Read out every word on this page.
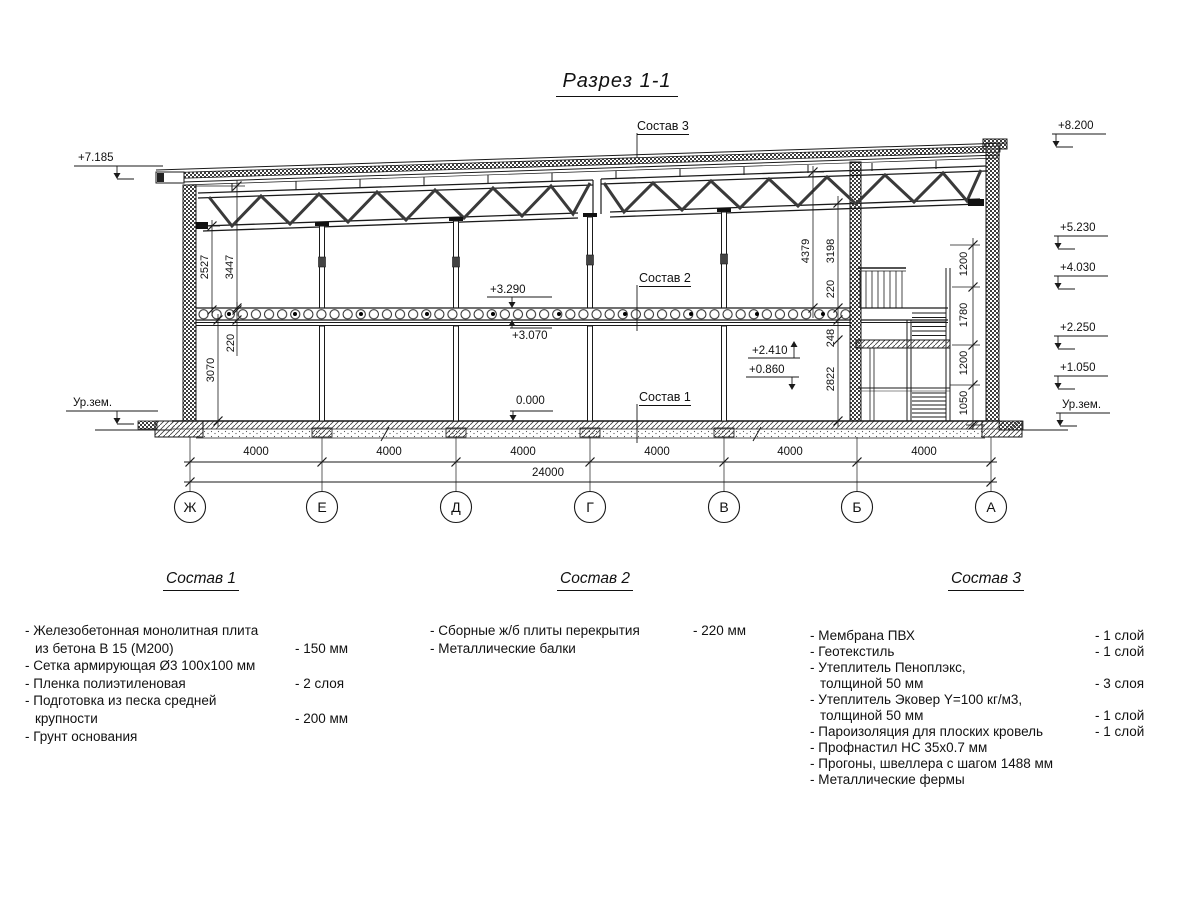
Разрез 1-1
Состав 3
Состав 2
Состав 1
+7.185
Ур.зем.
+8.200
+5.230
+4.030
+2.250
+1.050
Ур.зем.
+3.290
+3.070
0.000
+2.410
+0.860
2527 3447
3070
220
4379 3198
220
248
2822
1200
1780
1200
1050
4000	4000	4000	4000	4000	4000
24000
Ж	Е	Д	Г	В	Б	А
Состав 1
- Железобетонная монолитная плита
из бетона В 15 (М200)	- 150 мм
- Сетка армирующая Ø3 100х100 мм
- Пленка полиэтиленовая	- 2 слоя
- Подготовка из песка средней
крупности	- 200 мм
- Грунт основания
Состав 2
- Сборные ж/б плиты перекрытия	- 220 мм
- Металлические балки
Состав 3
- Мембрана ПВХ	- 1 слой
- Геотекстиль	- 1 слой
- Утеплитель Пеноплэкс,
толщиной 50 мм	- 3 слоя
- Утеплитель Эковер Y=100 кг/м3,
толщиной 50 мм	- 1 слой
- Пароизоляция для плоских кровель	- 1 слой
- Профнастил НС 35х0.7 мм
- Прогоны, швеллера с шагом 1488 мм
- Металлические фермы
